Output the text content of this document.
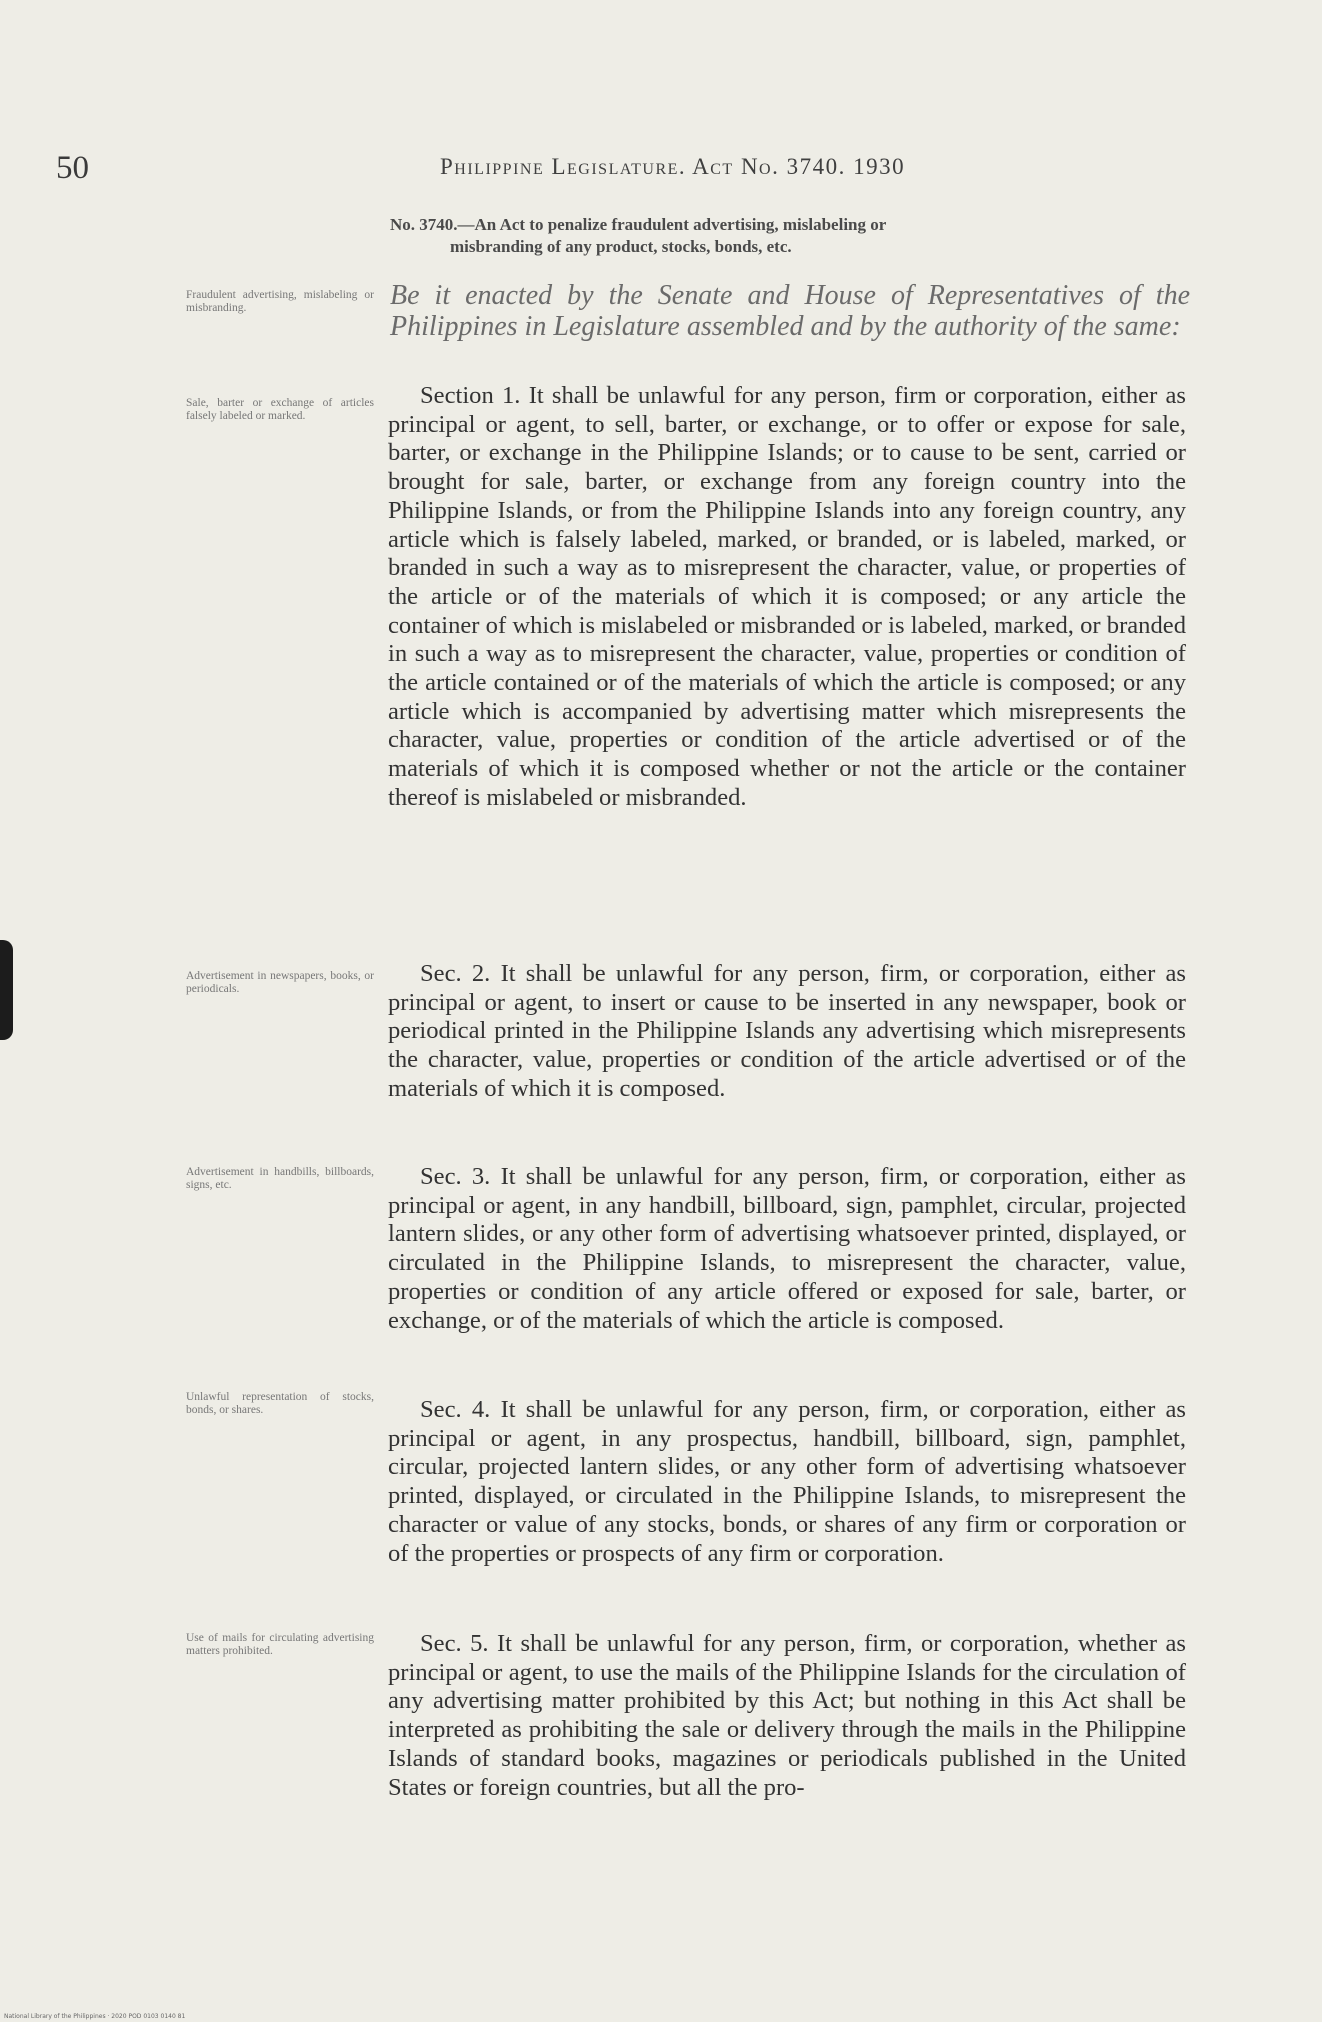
50	Philippine Legislature. Act No. 3740. 1930
No. 3740.—An Act to penalize fraudulent advertising, mislabeling or
misbranding of any product, stocks, bonds, etc.
Be it enacted by the Senate and House of Representatives of the Philippines in Legislature assembled and by the authority of the same:
Fraudulent advertising, mislabeling or misbranding.
Sale, barter or exchange of articles falsely labeled or marked.
Advertisement in newspapers, books, or periodicals.
Advertisement in handbills, billboards, signs, etc.
Unlawful representation of stocks, bonds, or shares.
Use of mails for circulating advertising matters prohibited.
Section 1. It shall be unlawful for any person, firm or corporation, either as principal or agent, to sell, barter, or exchange, or to offer or expose for sale, barter, or exchange in the Philippine Islands; or to cause to be sent, carried or brought for sale, barter, or exchange from any foreign country into the Philippine Islands, or from the Philippine Islands into any foreign country, any article which is falsely labeled, marked, or branded, or is labeled, marked, or branded in such a way as to misrepresent the character, value, or properties of the article or of the materials of which it is composed; or any article the container of which is mislabeled or misbranded or is labeled, marked, or branded in such a way as to misrepresent the character, value, properties or condition of the article contained or of the materials of which the article is composed; or any article which is accompanied by advertising matter which misrepresents the character, value, properties or condition of the article advertised or of the materials of which it is composed whether or not the article or the container thereof is mislabeled or misbranded.
Sec. 2. It shall be unlawful for any person, firm, or corporation, either as principal or agent, to insert or cause to be inserted in any newspaper, book or periodical printed in the Philippine Islands any advertising which misrepresents the character, value, properties or condition of the article advertised or of the materials of which it is composed.
Sec. 3. It shall be unlawful for any person, firm, or corporation, either as principal or agent, in any handbill, billboard, sign, pamphlet, circular, projected lantern slides, or any other form of advertising whatsoever printed, displayed, or circulated in the Philippine Islands, to misrepresent the character, value, properties or condition of any article offered or exposed for sale, barter, or exchange, or of the materials of which the article is composed.
Sec. 4. It shall be unlawful for any person, firm, or corporation, either as principal or agent, in any prospectus, handbill, billboard, sign, pamphlet, circular, projected lantern slides, or any other form of advertising whatsoever printed, displayed, or circulated in the Philippine Islands, to misrepresent the character or value of any stocks, bonds, or shares of any firm or corporation or of the properties or prospects of any firm or corporation.
Sec. 5. It shall be unlawful for any person, firm, or corporation, whether as principal or agent, to use the mails of the Philippine Islands for the circulation of any advertising matter prohibited by this Act; but nothing in this Act shall be interpreted as prohibiting the sale or delivery through the mails in the Philippine Islands of standard books, magazines or periodicals published in the United States or foreign countries, but all the pro-
National Library of the Philippines · 2020 POD 0103 0140 81
